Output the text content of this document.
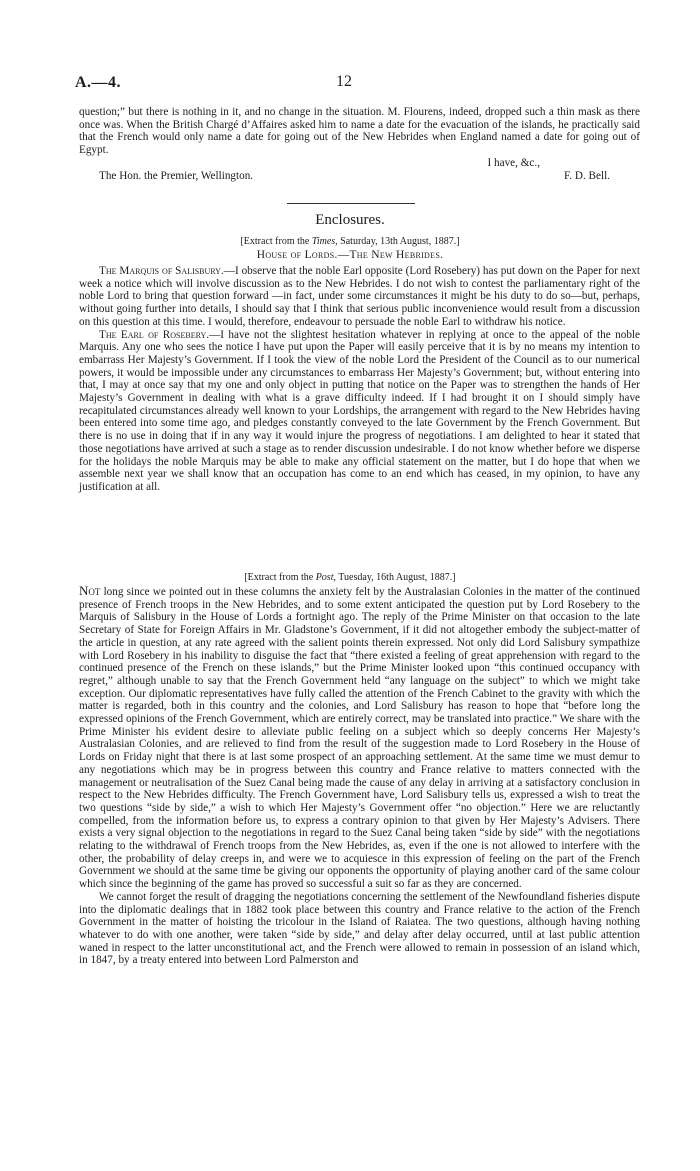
A.—4.	12

question;” but there is nothing in it, and no change in the situation. M. Flourens, indeed, dropped such a thin mask as there once was. When the British Chargé d’Affaires asked him to name a date for the evacuation of the islands, he practically said that the French would only name a date for going out of the New Hebrides when England named a date for going out of Egypt.

I have, &c.,
The Hon. the Premier, Wellington.	F. D. Bell.
Enclosures.
[Extract from the Times, Saturday, 13th August, 1887.]
House of Lords.—The New Hebrides.

The Marquis of Salisbury.—I observe that the noble Earl opposite (Lord Rosebery) has put down on the Paper for next week a notice which will involve discussion as to the New Hebrides. I do not wish to contest the parliamentary right of the noble Lord to bring that question forward —in fact, under some circumstances it might be his duty to do so—but, perhaps, without going further into details, I should say that I think that serious public inconvenience would result from a discussion on this question at this time. I would, therefore, endeavour to persuade the noble Earl to withdraw his notice.

The Earl of Rosebery.—I have not the slightest hesitation whatever in replying at once to the appeal of the noble Marquis. Any one who sees the notice I have put upon the Paper will easily perceive that it is by no means my intention to embarrass Her Majesty’s Government. If I took the view of the noble Lord the President of the Council as to our numerical powers, it would be impossible under any circumstances to embarrass Her Majesty’s Government; but, without entering into that, I may at once say that my one and only object in putting that notice on the Paper was to strengthen the hands of Her Majesty’s Government in dealing with what is a grave difficulty indeed. If I had brought it on I should simply have recapitulated circumstances already well known to your Lordships, the arrangement with regard to the New Hebrides having been entered into some time ago, and pledges constantly conveyed to the late Government by the French Government. But there is no use in doing that if in any way it would injure the progress of negotiations. I am delighted to hear it stated that those negotiations have arrived at such a stage as to render discussion undesirable. I do not know whether before we disperse for the holidays the noble Marquis may be able to make any official statement on the matter, but I do hope that when we assemble next year we shall know that an occupation has come to an end which has ceased, in my opinion, to have any justification at all.

[Extract from the Post, Tuesday, 16th August, 1887.]

Not long since we pointed out in these columns the anxiety felt by the Australasian Colonies in the matter of the continued presence of French troops in the New Hebrides, and to some extent anticipated the question put by Lord Rosebery to the Marquis of Salisbury in the House of Lords a fortnight ago. The reply of the Prime Minister on that occasion to the late Secretary of State for Foreign Affairs in Mr. Gladstone’s Government, if it did not altogether embody the subject-matter of the article in question, at any rate agreed with the salient points therein expressed. Not only did Lord Salisbury sympathize with Lord Rosebery in his inability to disguise the fact that “there existed a feeling of great apprehension with regard to the continued presence of the French on these islands,” but the Prime Minister looked upon “this continued occupancy with regret,” although unable to say that the French Government held “any language on the subject” to which we might take exception. Our diplomatic representatives have fully called the attention of the French Cabinet to the gravity with which the matter is regarded, both in this country and the colonies, and Lord Salisbury has reason to hope that “before long the expressed opinions of the French Government, which are entirely correct, may be translated into practice.” We share with the Prime Minister his evident desire to alleviate public feeling on a subject which so deeply concerns Her Majesty’s Australasian Colonies, and are relieved to find from the result of the suggestion made to Lord Rosebery in the House of Lords on Friday night that there is at last some prospect of an approaching settlement. At the same time we must demur to any negotiations which may be in progress between this country and France relative to matters connected with the management or neutralisation of the Suez Canal being made the cause of any delay in arriving at a satisfactory conclusion in respect to the New Hebrides difficulty. The French Government have, Lord Salisbury tells us, expressed a wish to treat the two questions “side by side,” a wish to which Her Majesty’s Government offer “no objection.” Here we are reluctantly compelled, from the information before us, to express a contrary opinion to that given by Her Majesty’s Advisers. There exists a very signal objection to the negotiations in regard to the Suez Canal being taken “side by side” with the negotiations relating to the withdrawal of French troops from the New Hebrides, as, even if the one is not allowed to interfere with the other, the probability of delay creeps in, and were we to acquiesce in this expression of feeling on the part of the French Government we should at the same time be giving our opponents the opportunity of playing another card of the same colour which since the beginning of the game has proved so successful a suit so far as they are concerned.

We cannot forget the result of dragging the negotiations concerning the settlement of the Newfoundland fisheries dispute into the diplomatic dealings that in 1882 took place between this country and France relative to the action of the French Government in the matter of hoisting the tricolour in the Island of Raiatea. The two questions, although having nothing whatever to do with one another, were taken “side by side,” and delay after delay occurred, until at last public attention waned in respect to the latter unconstitutional act, and the French were allowed to remain in possession of an island which, in 1847, by a treaty entered into between Lord Palmerston and
